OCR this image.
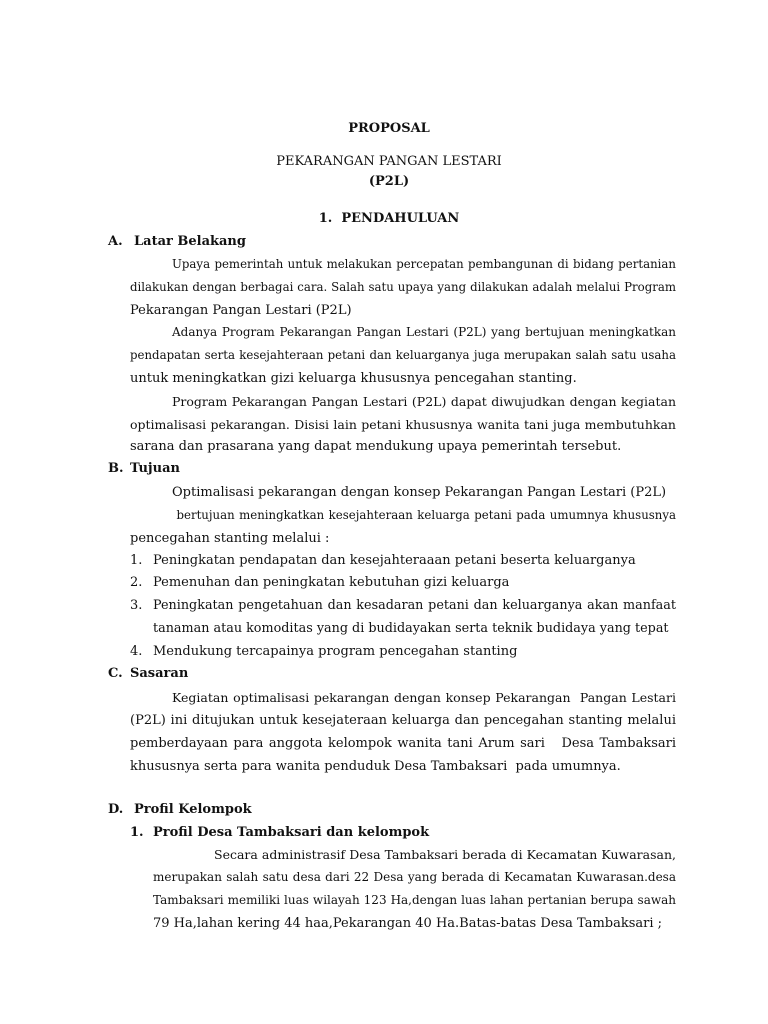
PROPOSAL
PEKARANGAN PANGAN LESTARI
(P2L)
1. PENDAHULUAN
A. Latar Belakang
Upaya pemerintah untuk melakukan percepatan pembangunan di bidang pertanian
dilakukan dengan berbagai cara. Salah satu upaya yang dilakukan adalah melalui Program
Pekarangan Pangan Lestari (P2L)
Adanya Program Pekarangan Pangan Lestari (P2L) yang bertujuan meningkatkan
pendapatan serta kesejahteraan petani dan keluarganya juga merupakan salah satu usaha
untuk meningkatkan gizi keluarga khususnya pencegahan stanting.
Program Pekarangan Pangan Lestari (P2L) dapat diwujudkan dengan kegiatan
optimalisasi pekarangan. Disisi lain petani khususnya wanita tani juga membutuhkan
sarana dan prasarana yang dapat mendukung upaya pemerintah tersebut.
B. Tujuan
Optimalisasi pekarangan dengan konsep Pekarangan Pangan Lestari (P2L)
bertujuan meningkatkan kesejahteraan keluarga petani pada umumnya khususnya
pencegahan stanting melalui :
1. Peningkatan pendapatan dan kesejahteraaan petani beserta keluarganya
2. Pemenuhan dan peningkatan kebutuhan gizi keluarga
3. Peningkatan pengetahuan dan kesadaran petani dan keluarganya akan manfaat
tanaman atau komoditas yang di budidayakan serta teknik budidaya yang tepat
4. Mendukung tercapainya program pencegahan stanting
C. Sasaran
Kegiatan optimalisasi pekarangan dengan konsep Pekarangan  Pangan Lestari
(P2L) ini ditujukan untuk kesejateraan keluarga dan pencegahan stanting melalui
pemberdayaan para anggota kelompok wanita tani Arum sari   Desa Tambaksari
khususnya serta para wanita penduduk Desa Tambaksari  pada umumnya.
D. Profil Kelompok
1. Profil Desa Tambaksari dan kelompok
Secara administrasif Desa Tambaksari berada di Kecamatan Kuwarasan,
merupakan salah satu desa dari 22 Desa yang berada di Kecamatan Kuwarasan.desa
Tambaksari memiliki luas wilayah 123 Ha,dengan luas lahan pertanian berupa sawah
79 Ha,lahan kering 44 haa,Pekarangan 40 Ha.Batas-batas Desa Tambaksari ;
